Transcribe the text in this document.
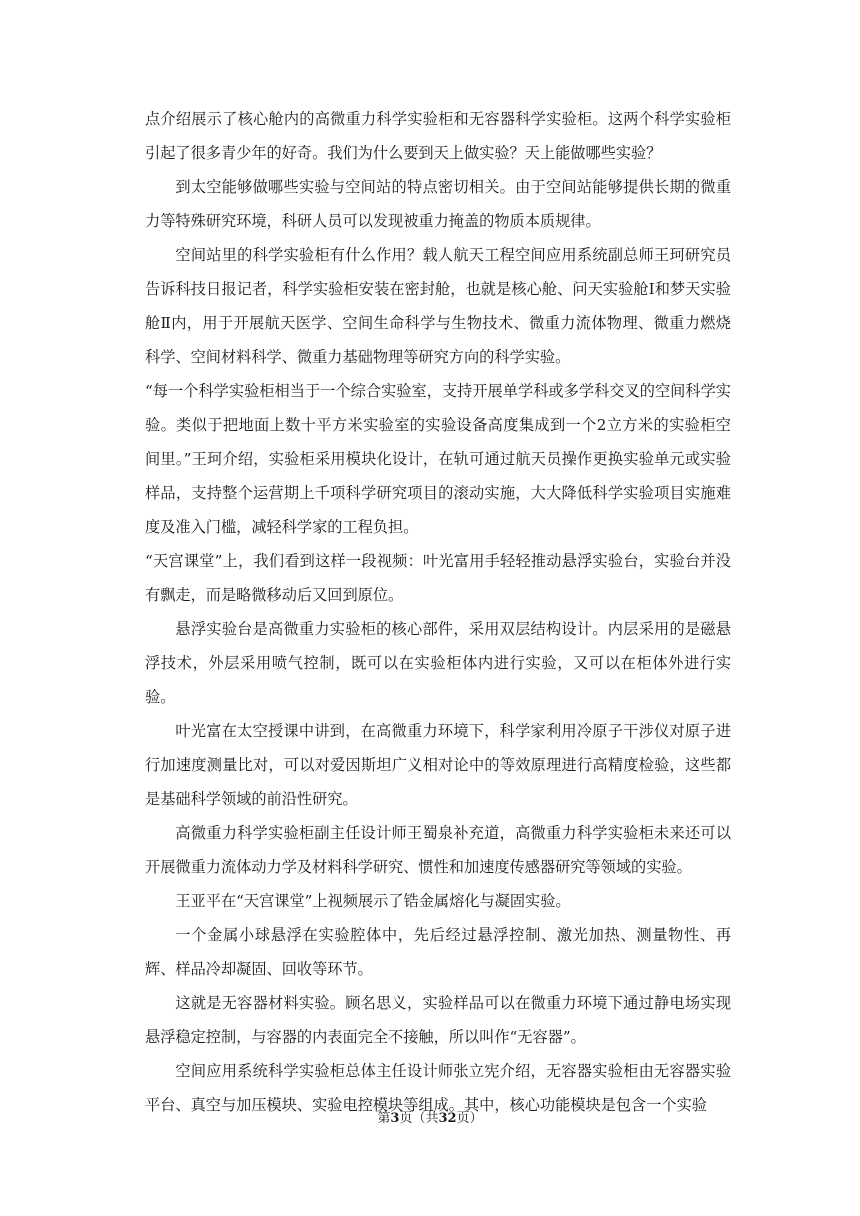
点介绍展示了核心舱内的高微重力科学实验柜和无容器科学实验柜。这两个科学实验柜引起了很多青少年的好奇。我们为什么要到天上做实验？天上能做哪些实验？

到太空能够做哪些实验与空间站的特点密切相关。由于空间站能够提供长期的微重力等特殊研究环境，科研人员可以发现被重力掩盖的物质本质规律。

空间站里的科学实验柜有什么作用？载人航天工程空间应用系统副总师王珂研究员告诉科技日报记者，科学实验柜安装在密封舱，也就是核心舱、问天实验舱Ⅰ和梦天实验舱Ⅱ内，用于开展航天医学、空间生命科学与生物技术、微重力流体物理、微重力燃烧科学、空间材料科学、微重力基础物理等研究方向的科学实验。

“每一个科学实验柜相当于一个综合实验室，支持开展单学科或多学科交叉的空间科学实验。类似于把地面上数十平方米实验室的实验设备高度集成到一个2立方米的实验柜空间里。”王珂介绍，实验柜采用模块化设计，在轨可通过航天员操作更换实验单元或实验样品，支持整个运营期上千项科学研究项目的滚动实施，大大降低科学实验项目实施难度及准入门槛，减轻科学家的工程负担。

“天宫课堂”上，我们看到这样一段视频：叶光富用手轻轻推动悬浮实验台，实验台并没有飘走，而是略微移动后又回到原位。

悬浮实验台是高微重力实验柜的核心部件，采用双层结构设计。内层采用的是磁悬浮技术，外层采用喷气控制，既可以在实验柜体内进行实验，又可以在柜体外进行实验。

叶光富在太空授课中讲到，在高微重力环境下，科学家利用冷原子干涉仪对原子进行加速度测量比对，可以对爱因斯坦广义相对论中的等效原理进行高精度检验，这些都是基础科学领域的前沿性研究。

高微重力科学实验柜副主任设计师王蜀泉补充道，高微重力科学实验柜未来还可以开展微重力流体动力学及材料科学研究、惯性和加速度传感器研究等领域的实验。

王亚平在“天宫课堂”上视频展示了锆金属熔化与凝固实验。

一个金属小球悬浮在实验腔体中，先后经过悬浮控制、激光加热、测量物性、再辉、样品冷却凝固、回收等环节。

这就是无容器材料实验。顾名思义，实验样品可以在微重力环境下通过静电场实现悬浮稳定控制，与容器的内表面完全不接触，所以叫作“无容器”。

空间应用系统科学实验柜总体主任设计师张立宪介绍，无容器实验柜由无容器实验平台、真空与加压模块、实验电控模块等组成。其中，核心功能模块是包含一个实验

第3页（共32页）
